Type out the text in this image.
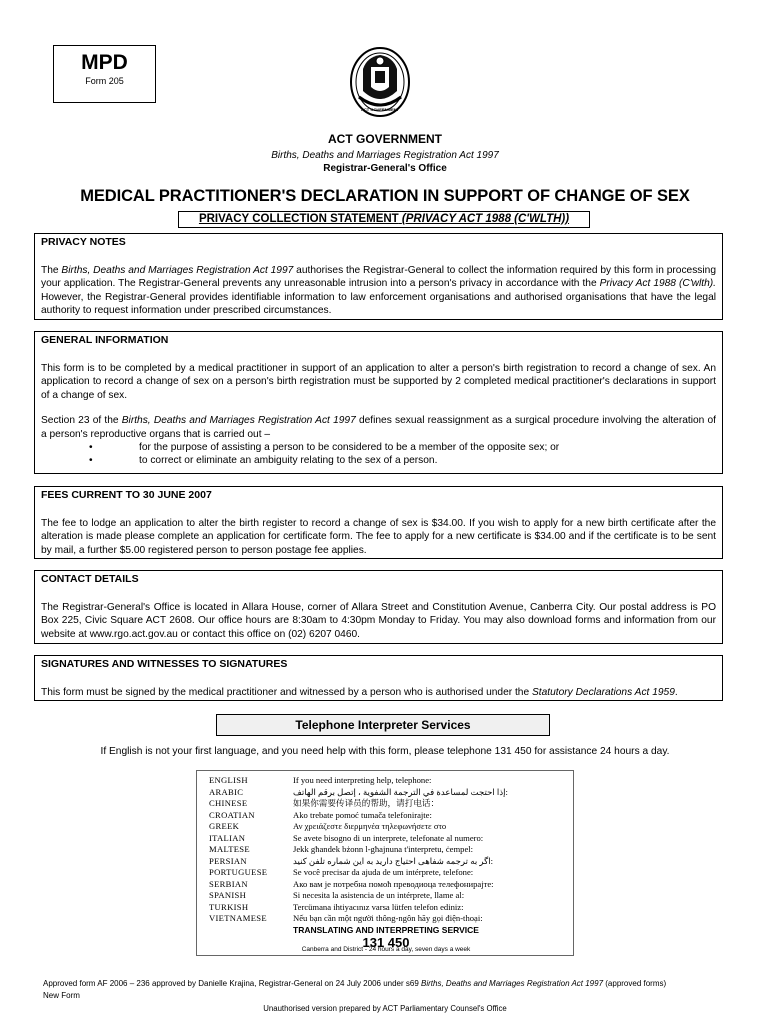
MPD
Form 205
ACT GOVERNMENT
ACT GOVERNMENT
Births, Deaths and Marriages Registration Act 1997
Registrar-General's Office
MEDICAL PRACTITIONER'S DECLARATION IN SUPPORT OF CHANGE OF SEX
PRIVACY COLLECTION STATEMENT (PRIVACY ACT 1988 (C'WLTH))
PRIVACY NOTES
The Births, Deaths and Marriages Registration Act 1997 authorises the Registrar-General to collect the information required by this form in processing your application. The Registrar-General prevents any unreasonable intrusion into a person's privacy in accordance with the Privacy Act 1988 (C'wlth). However, the Registrar-General provides identifiable information to law enforcement organisations and authorised organisations that have the legal authority to request information under prescribed circumstances.
GENERAL INFORMATION
This form is to be completed by a medical practitioner in support of an application to alter a person's birth registration to record a change of sex. An application to record a change of sex on a person's birth registration must be supported by 2 completed medical practitioner's declarations in support of a change of sex.
Section 23 of the Births, Deaths and Marriages Registration Act 1997 defines sexual reassignment as a surgical procedure involving the alteration of a person's reproductive organs that is carried out –
•	for the purpose of assisting a person to be considered to be a member of the opposite sex; or
•	to correct or eliminate an ambiguity relating to the sex of a person.
FEES CURRENT TO 30 JUNE 2007
The fee to lodge an application to alter the birth register to record a change of sex is $34.00. If you wish to apply for a new birth certificate after the alteration is made please complete an application for certificate form. The fee to apply for a new certificate is $34.00 and if the certificate is to be sent by mail, a further $5.00 registered person to person postage fee applies.
CONTACT DETAILS
The Registrar-General's Office is located in Allara House, corner of Allara Street and Constitution Avenue, Canberra City. Our postal address is PO Box 225, Civic Square ACT 2608. Our office hours are 8:30am to 4:30pm Monday to Friday. You may also download forms and information from our website at www.rgo.act.gov.au or contact this office on (02) 6207 0460.
SIGNATURES AND WITNESSES TO SIGNATURES
This form must be signed by the medical practitioner and witnessed by a person who is authorised under the Statutory Declarations Act 1959.
Telephone Interpreter Services
If English is not your first language, and you need help with this form, please telephone 131 450 for assistance 24 hours a day.
ENGLISH	If you need interpreting help, telephone:
ARABIC	إذا احتجت لمساعدة في الترجمة الشفوية ، إتصل برقم الهاتف:
CHINESE	如果你需要传译员的帮助，请打电话：
CROATIAN	Ako trebate pomoć tumača telefonirajte:
GREEK	Αν χρειάζεστε διερμηνέα τηλεφωνήσετε στο
ITALIAN	Se avete bisogno di un interprete, telefonate al numero:
MALTESE	Jekk għandek bżonn l-għajnuna t'interpretu, ċempel:
PERSIAN	اگر به ترجمه شفاهی احتیاج دارید به این شماره تلفن کنید:
PORTUGUESE	Se você precisar da ajuda de um intérprete, telefone:
SERBIAN	Ако вам је потребна помоћ преводиоца телефонирајте:
SPANISH	Si necesita la asistencia de un intérprete, llame al:
TURKISH	Tercümana ihtiyacınız varsa lütfen telefon ediniz:
VIETNAMESE	Nếu bạn cần một người thông-ngôn hãy gọi điện-thoại:
TRANSLATING AND INTERPRETING SERVICE
131 450
Canberra and District - 24 hours a day, seven days a week
Approved form AF 2006 – 236 approved by Danielle Krajina, Registrar-General on 24 July 2006 under s69 Births, Deaths and Marriages Registration Act 1997 (approved forms)
New Form
Unauthorised version prepared by ACT Parliamentary Counsel's Office
